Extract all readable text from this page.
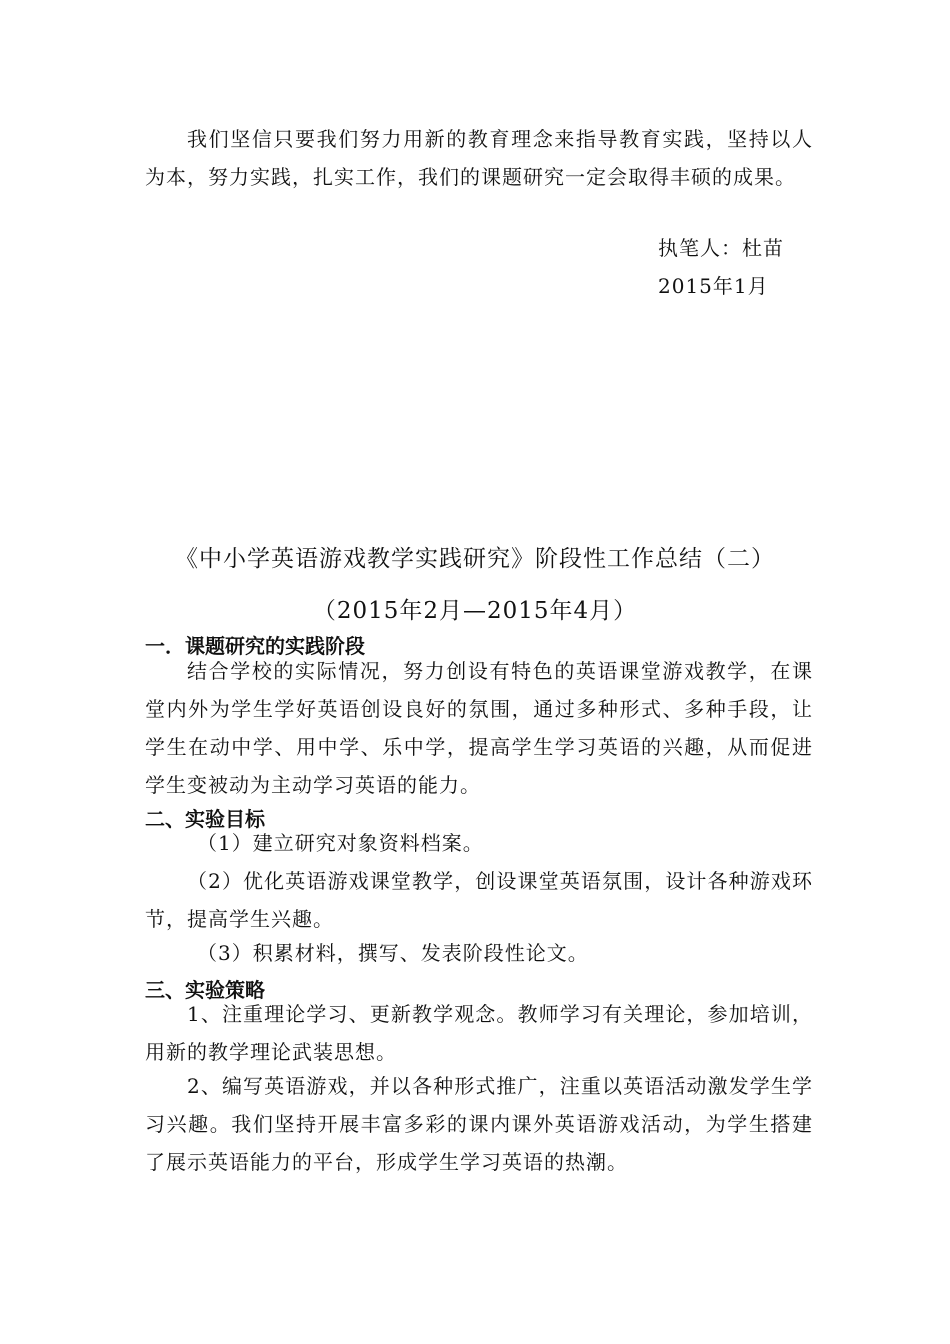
我们坚信只要我们努力用新的教育理念来指导教育实践，坚持以人为本，努力实践，扎实工作，我们的课题研究一定会取得丰硕的成果。

执笔人：杜苗

2015年1月

《中小学英语游戏教学实践研究》阶段性工作总结（二）

（2015年2月—2015年4月）

一．课题研究的实践阶段

结合学校的实际情况，努力创设有特色的英语课堂游戏教学，在课堂内外为学生学好英语创设良好的氛围，通过多种形式、多种手段，让学生在动中学、用中学、乐中学，提高学生学习英语的兴趣，从而促进学生变被动为主动学习英语的能力。

二、实验目标

（1）建立研究对象资料档案。

（2）优化英语游戏课堂教学，创设课堂英语氛围，设计各种游戏环节，提高学生兴趣。

（3）积累材料，撰写、发表阶段性论文。

三、实验策略

1、注重理论学习、更新教学观念。教师学习有关理论，参加培训，用新的教学理论武装思想。

2、编写英语游戏，并以各种形式推广，注重以英语活动激发学生学习兴趣。我们坚持开展丰富多彩的课内课外英语游戏活动，为学生搭建了展示英语能力的平台，形成学生学习英语的热潮。
